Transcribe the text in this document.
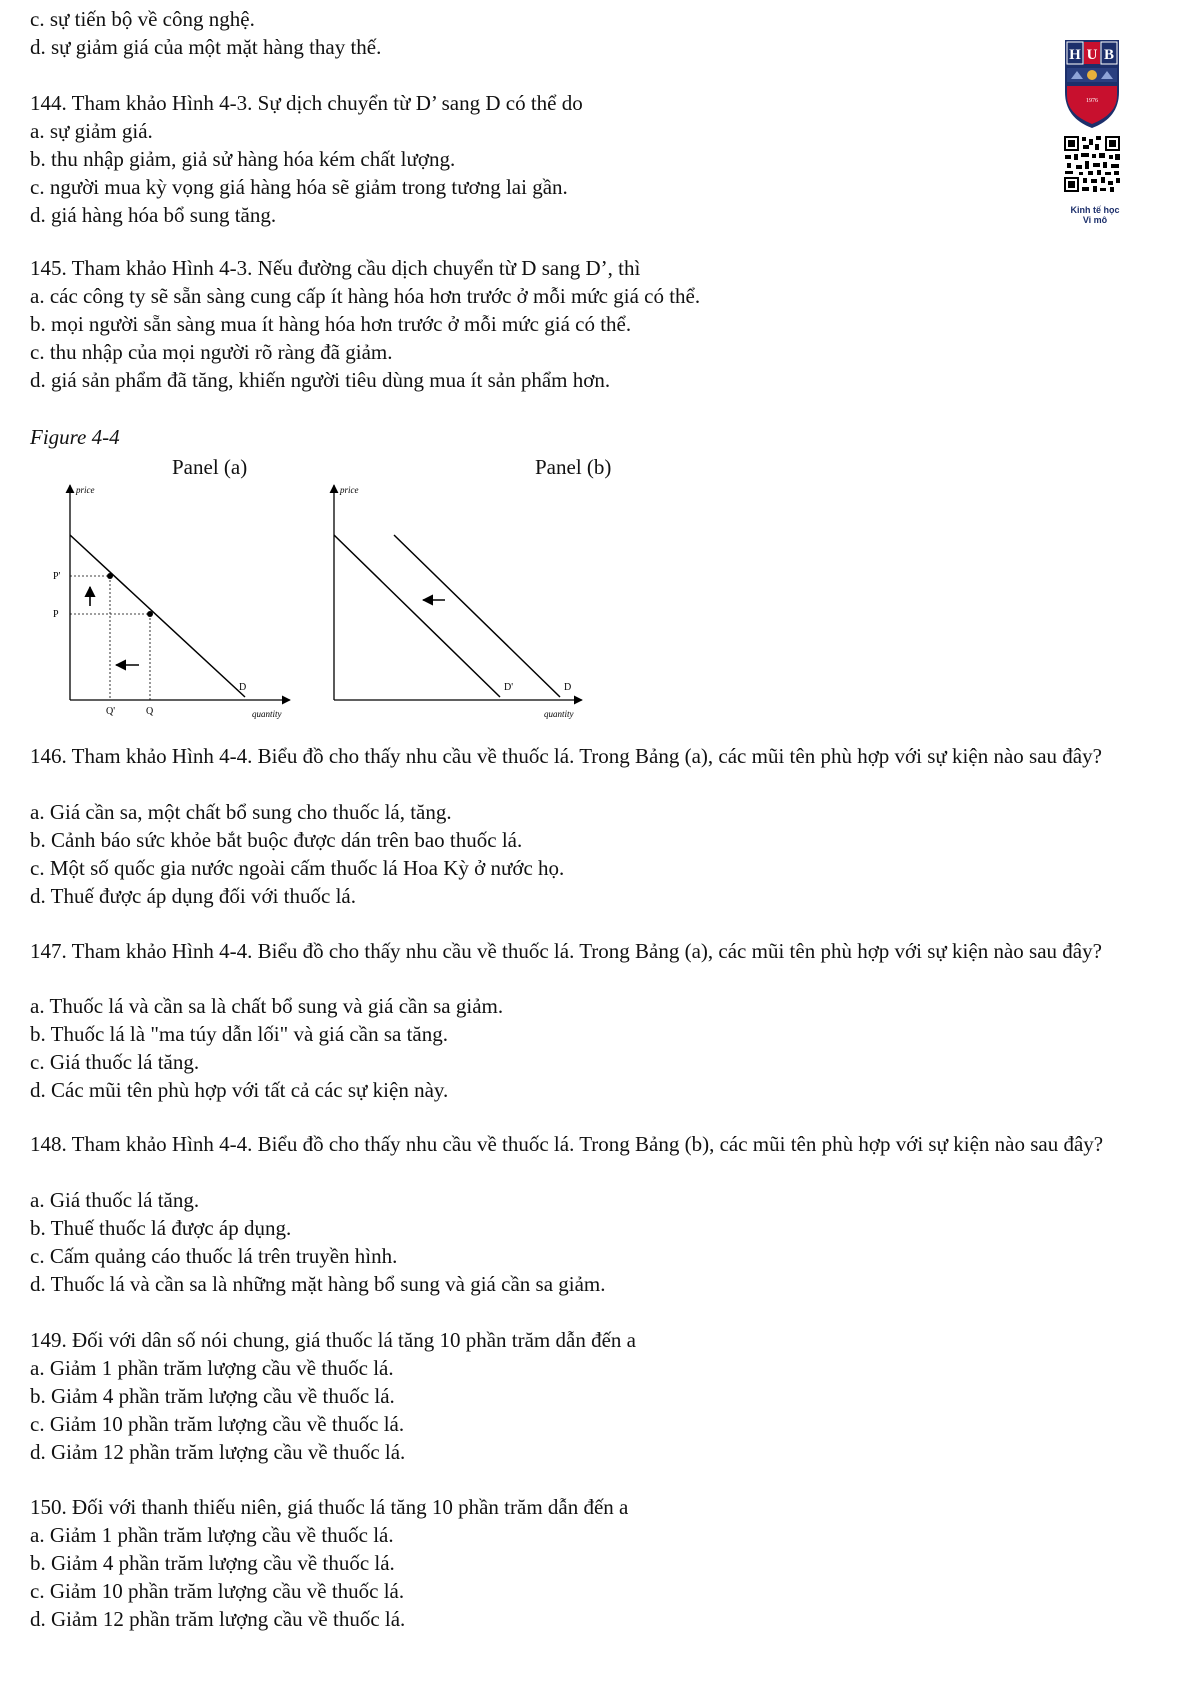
c. sự tiến bộ về công nghệ.
d. sự giảm giá của một mặt hàng thay thế.	H U B
1976
Kinh tế học
Vi mô
144. Tham khảo Hình 4-3. Sự dịch chuyển từ D’ sang D có thể do
a. sự giảm giá.
b. thu nhập giảm, giả sử hàng hóa kém chất lượng.
c. người mua kỳ vọng giá hàng hóa sẽ giảm trong tương lai gần.
d. giá hàng hóa bổ sung tăng.
145. Tham khảo Hình 4-3. Nếu đường cầu dịch chuyển từ D sang D’, thì
a. các công ty sẽ sẵn sàng cung cấp ít hàng hóa hơn trước ở mỗi mức giá có thể.
b. mọi người sẵn sàng mua ít hàng hóa hơn trước ở mỗi mức giá có thể.
c. thu nhập của mọi người rõ ràng đã giảm.
d. giá sản phẩm đã tăng, khiến người tiêu dùng mua ít sản phẩm hơn.
Figure 4-4
Panel (a)	Panel (b)
price
quantity
P'
P
Q'	Q
D
price
quantity
D'	D
146. Tham khảo Hình 4-4. Biểu đồ cho thấy nhu cầu về thuốc lá. Trong Bảng (a), các mũi tên phù hợp với sự kiện nào sau đây?
a. Giá cần sa, một chất bổ sung cho thuốc lá, tăng.
b. Cảnh báo sức khỏe bắt buộc được dán trên bao thuốc lá.
c. Một số quốc gia nước ngoài cấm thuốc lá Hoa Kỳ ở nước họ.
d. Thuế được áp dụng đối với thuốc lá.
147. Tham khảo Hình 4-4. Biểu đồ cho thấy nhu cầu về thuốc lá. Trong Bảng (a), các mũi tên phù hợp với sự kiện nào sau đây?
a. Thuốc lá và cần sa là chất bổ sung và giá cần sa giảm.
b. Thuốc lá là "ma túy dẫn lối" và giá cần sa tăng.
c. Giá thuốc lá tăng.
d. Các mũi tên phù hợp với tất cả các sự kiện này.
148. Tham khảo Hình 4-4. Biểu đồ cho thấy nhu cầu về thuốc lá. Trong Bảng (b), các mũi tên phù hợp với sự kiện nào sau đây?
a. Giá thuốc lá tăng.
b. Thuế thuốc lá được áp dụng.
c. Cấm quảng cáo thuốc lá trên truyền hình.
d. Thuốc lá và cần sa là những mặt hàng bổ sung và giá cần sa giảm.
149. Đối với dân số nói chung, giá thuốc lá tăng 10 phần trăm dẫn đến a
a. Giảm 1 phần trăm lượng cầu về thuốc lá.
b. Giảm 4 phần trăm lượng cầu về thuốc lá.
c. Giảm 10 phần trăm lượng cầu về thuốc lá.
d. Giảm 12 phần trăm lượng cầu về thuốc lá.
150. Đối với thanh thiếu niên, giá thuốc lá tăng 10 phần trăm dẫn đến a
a. Giảm 1 phần trăm lượng cầu về thuốc lá.
b. Giảm 4 phần trăm lượng cầu về thuốc lá.
c. Giảm 10 phần trăm lượng cầu về thuốc lá.
d. Giảm 12 phần trăm lượng cầu về thuốc lá.
